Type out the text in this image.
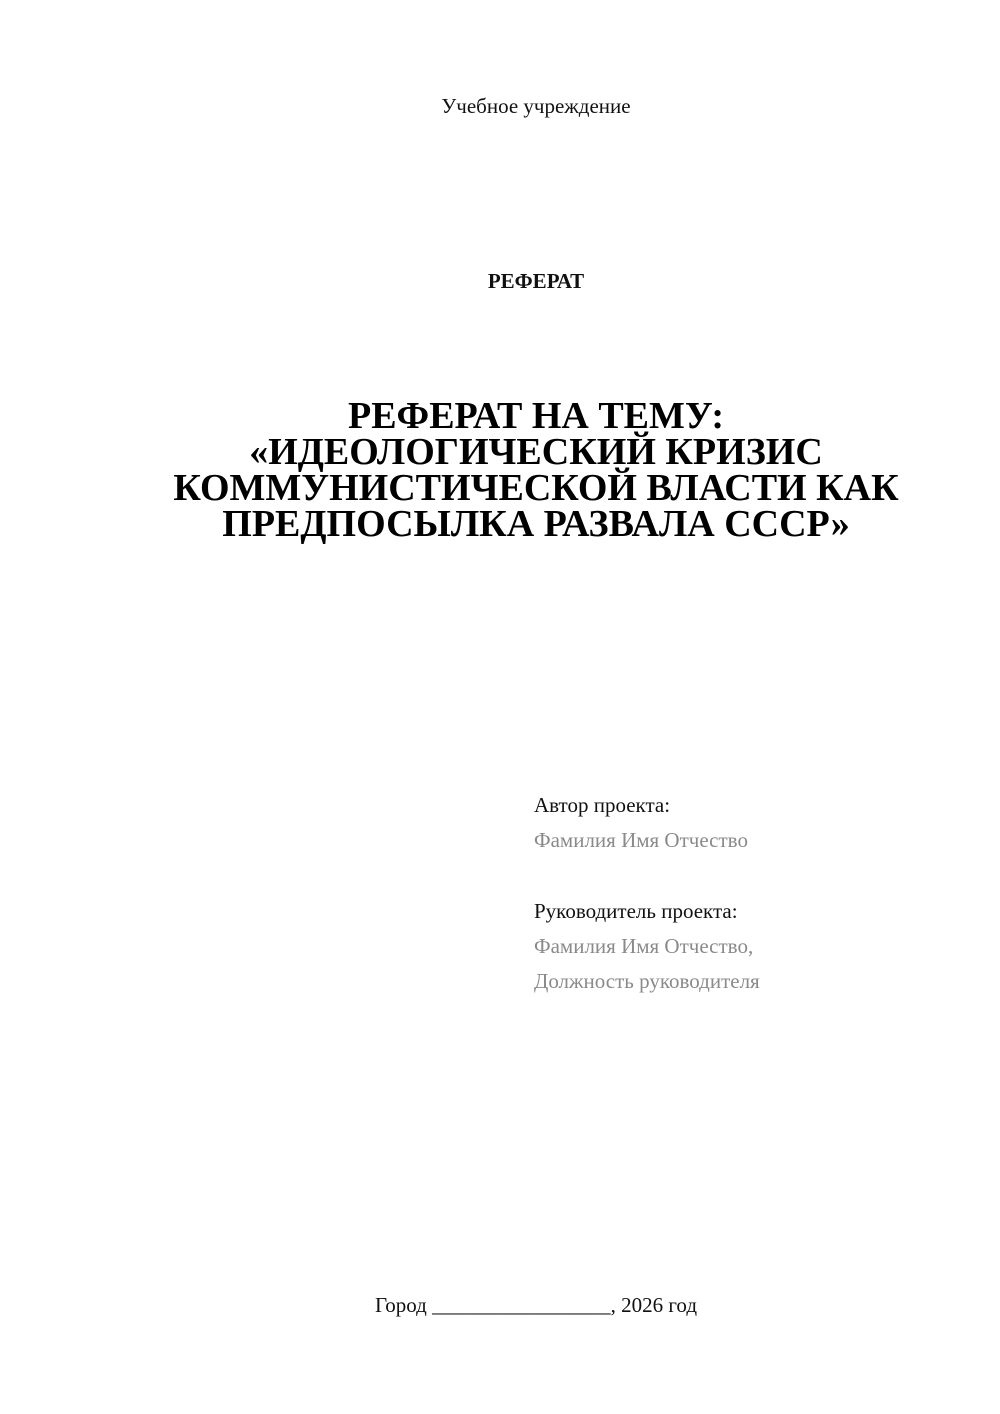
Учебное учреждение
РЕФЕРАТ
РЕФЕРАТ НА ТЕМУ:
«ИДЕОЛОГИЧЕСКИЙ КРИЗИС
КОММУНИСТИЧЕСКОЙ ВЛАСТИ КАК
ПРЕДПОСЫЛКА РАЗВАЛА СССР»
Автор проекта:
Фамилия Имя Отчество
Руководитель проекта:
Фамилия Имя Отчество,
Должность руководителя
Город _________________, 2026 год
